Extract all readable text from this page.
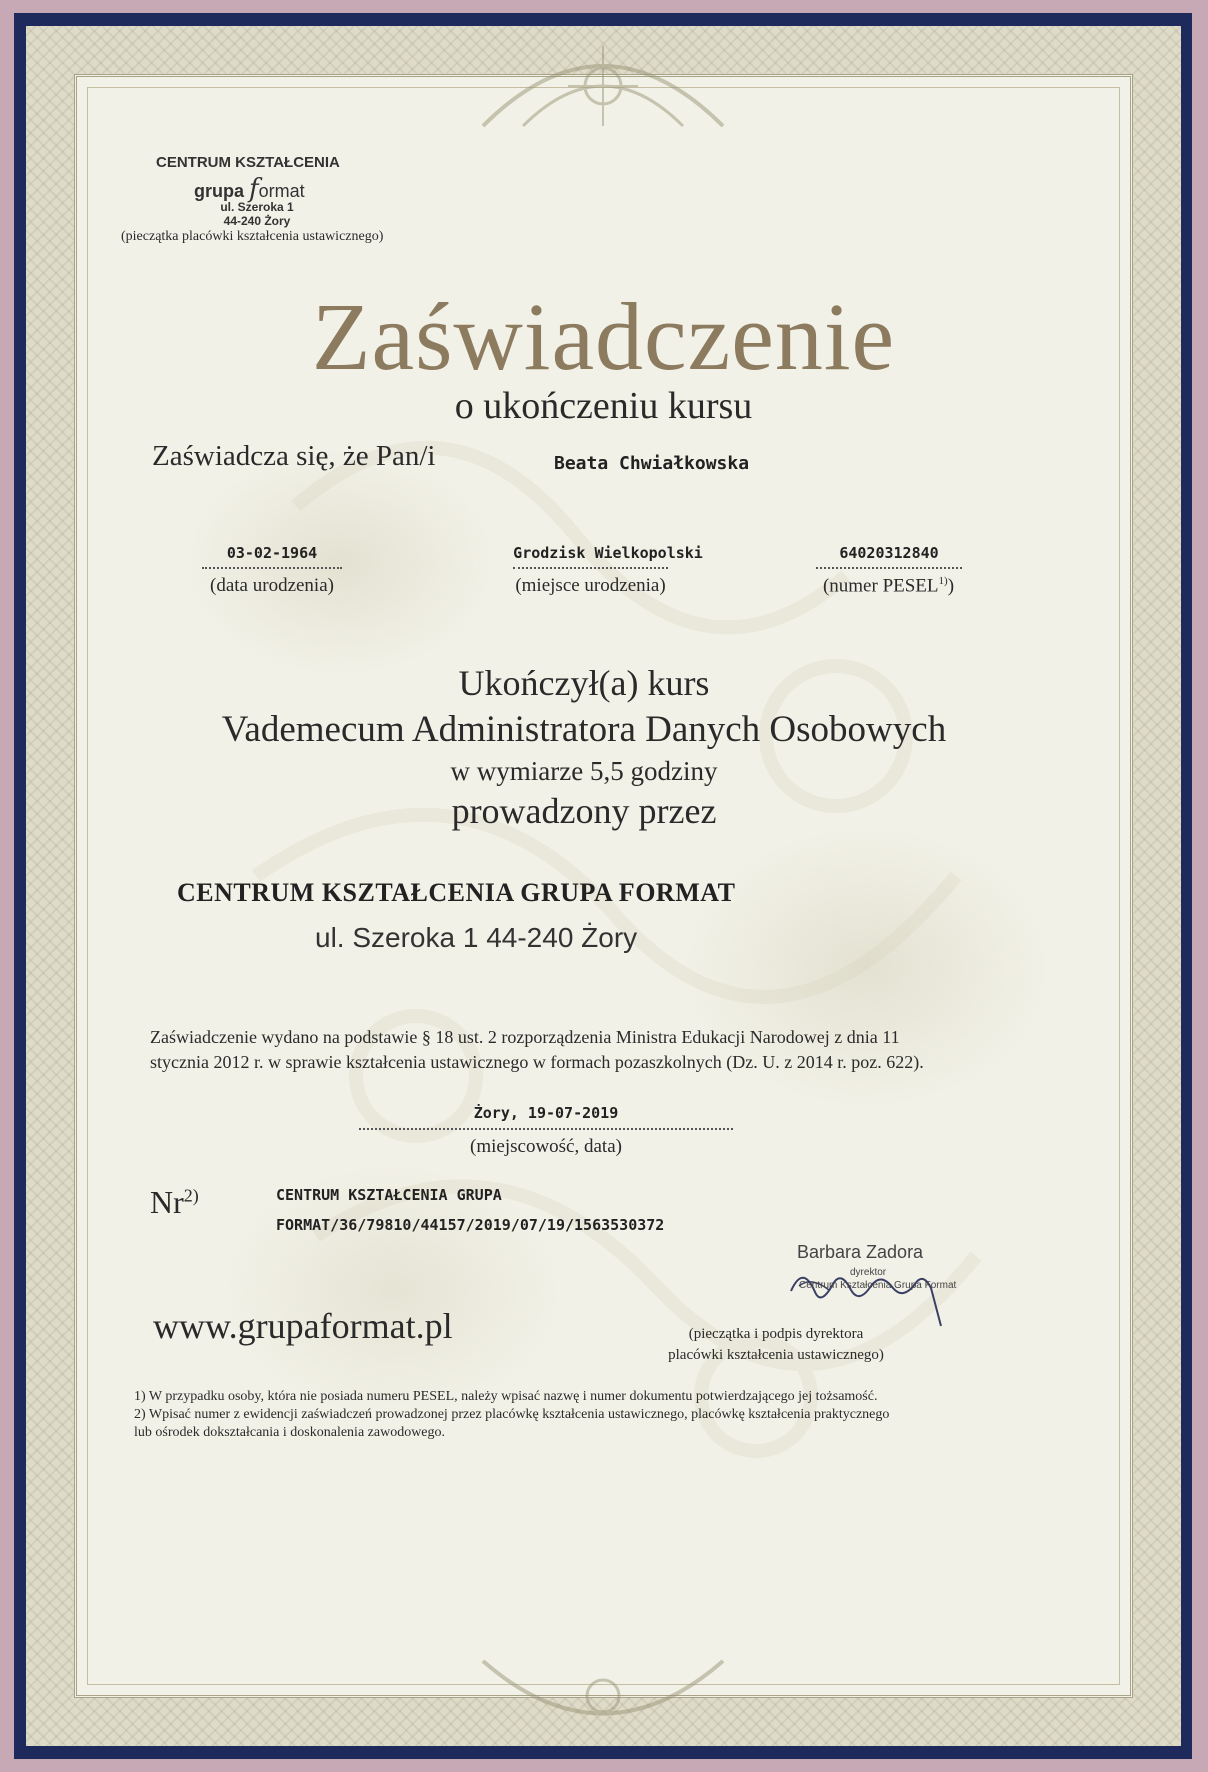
CENTRUM KSZTAŁCENIA
grupa format
ul. Szeroka 1
44-240 Żory
(pieczątka placówki kształcenia ustawicznego)
Zaświadczenie
o ukończeniu kursu
Zaświadcza się, że Pan/i	Beata Chwiałkowska
03-02-1964
(data urodzenia)
Grodzisk Wielkopolski
(miejsce urodzenia)
64020312840
(numer PESEL$^{1)}$)
Ukończył(a) kurs
Vademecum Administratora Danych Osobowych
w wymiarze 5,5 godziny
prowadzony przez
CENTRUM KSZTAŁCENIA GRUPA FORMAT
ul. Szeroka 1 44-240 Żory
Zaświadczenie wydano na podstawie § 18 ust. 2 rozporządzenia Ministra Edukacji Narodowej z dnia 11
stycznia 2012 r. w sprawie kształcenia ustawicznego w formach pozaszkolnych (Dz. U. z 2014 r. poz. 622).
Żory, 19-07-2019
(miejscowość, data)
Nr$^{2)}$	CENTRUM KSZTAŁCENIA GRUPA
FORMAT/36/79810/44157/2019/07/19/1563530372
Barbara Zadora
dyrektor
Centrum Kształcenia Grupa Format
(pieczątka i podpis dyrektora
placówki kształcenia ustawicznego)
www.grupaformat.pl
1) W przypadku osoby, która nie posiada numeru PESEL, należy wpisać nazwę i numer dokumentu potwierdzającego jej tożsamość.
2) Wpisać numer z ewidencji zaświadczeń prowadzonej przez placówkę kształcenia ustawicznego, placówkę kształcenia praktycznego
lub ośrodek dokształcania i doskonalenia zawodowego.
